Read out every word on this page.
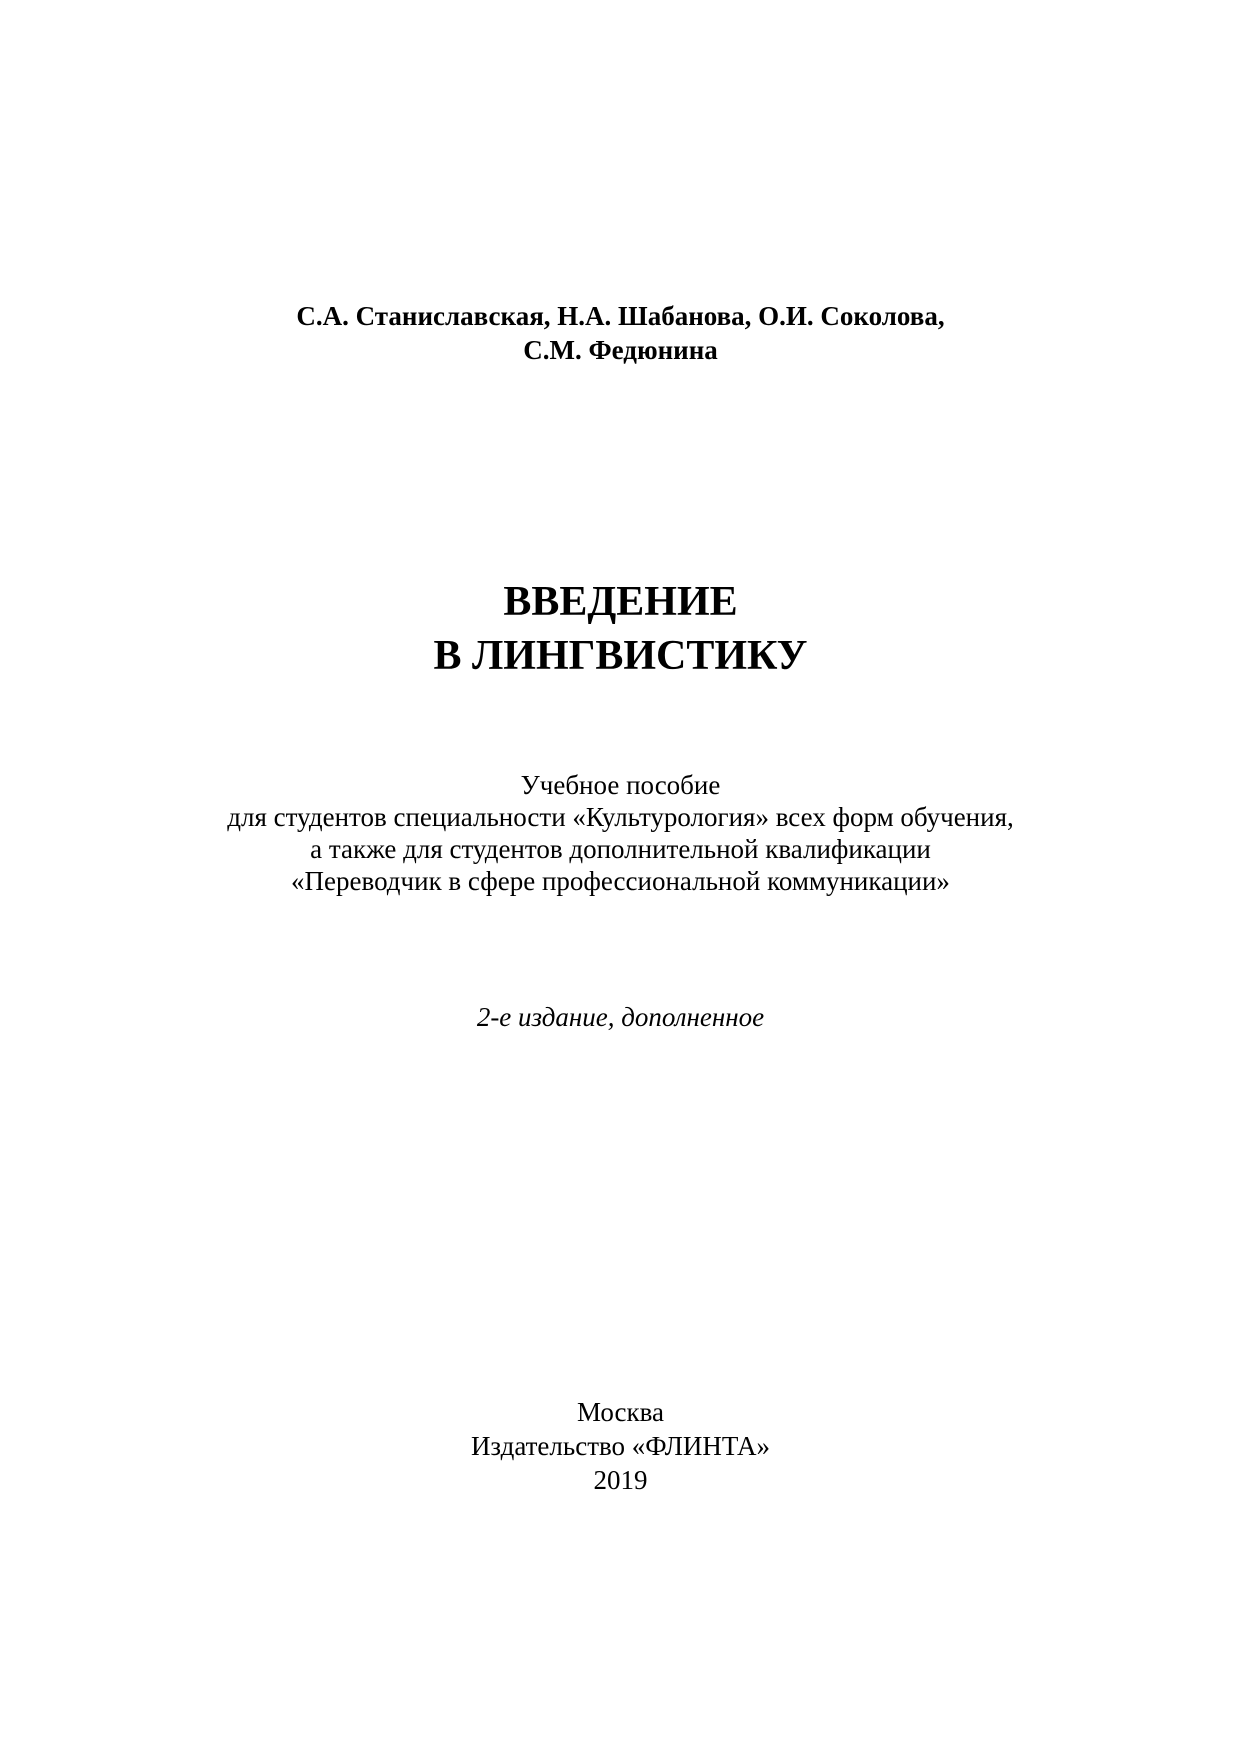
С.А. Станиславская, Н.А. Шабанова, О.И. Соколова,
С.М. Федюнина
ВВЕДЕНИЕ
В ЛИНГВИСТИКУ
Учебное пособие
для студентов специальности «Культурология» всех форм обучения,
а также для студентов дополнительной квалификации
«Переводчик в сфере профессиональной коммуникации»
2-е издание, дополненное
Москва
Издательство «ФЛИНТА»
2019
